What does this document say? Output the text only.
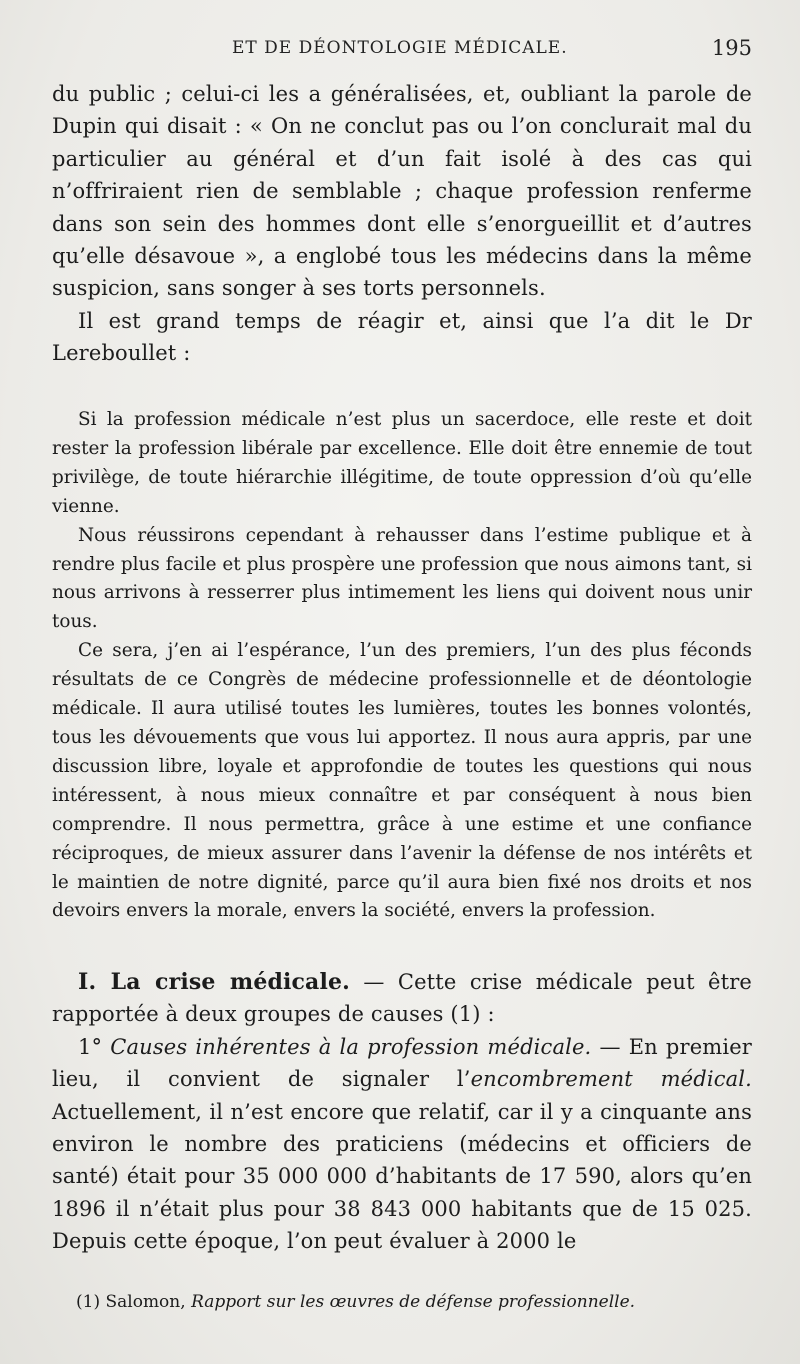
ET DE DÉONTOLOGIE MÉDICALE.	195

du public ; celui-ci les a généralisées, et, oubliant la parole de Dupin qui disait : « On ne conclut pas ou l’on conclurait mal du particulier au général et d’un fait isolé à des cas qui n’offriraient rien de semblable ; chaque profession renferme dans son sein des hommes dont elle s’enorgueillit et d’autres qu’elle désavoue », a englobé tous les médecins dans la même suspicion, sans songer à ses torts personnels.

Il est grand temps de réagir et, ainsi que l’a dit le Dr Lereboullet :

Si la profession médicale n’est plus un sacerdoce, elle reste et doit rester la profession libérale par excellence. Elle doit être ennemie de tout privilège, de toute hiérarchie illégitime, de toute oppression d’où qu’elle vienne.

Nous réussirons cependant à rehausser dans l’estime publique et à rendre plus facile et plus prospère une profession que nous aimons tant, si nous arrivons à resserrer plus intimement les liens qui doivent nous unir tous.

Ce sera, j’en ai l’espérance, l’un des premiers, l’un des plus féconds résultats de ce Congrès de médecine professionnelle et de déontologie médicale. Il aura utilisé toutes les lumières, toutes les bonnes volontés, tous les dévouements que vous lui apportez. Il nous aura appris, par une discussion libre, loyale et approfondie de toutes les questions qui nous intéressent, à nous mieux connaître et par conséquent à nous bien comprendre. Il nous permettra, grâce à une estime et une confiance réciproques, de mieux assurer dans l’avenir la défense de nos intérêts et le maintien de notre dignité, parce qu’il aura bien fixé nos droits et nos devoirs envers la morale, envers la société, envers la profession.

I. La crise médicale. — Cette crise médicale peut être rapportée à deux groupes de causes (1) :

1° Causes inhérentes à la profession médicale. — En premier lieu, il convient de signaler l’encombrement médical. Actuellement, il n’est encore que relatif, car il y a cinquante ans environ le nombre des praticiens (médecins et officiers de santé) était pour 35 000 000 d’habitants de 17 590, alors qu’en 1896 il n’était plus pour 38 843 000 habitants que de 15 025. Depuis cette époque, l’on peut évaluer à 2000 le

(1) Salomon, Rapport sur les œuvres de défense professionnelle.
